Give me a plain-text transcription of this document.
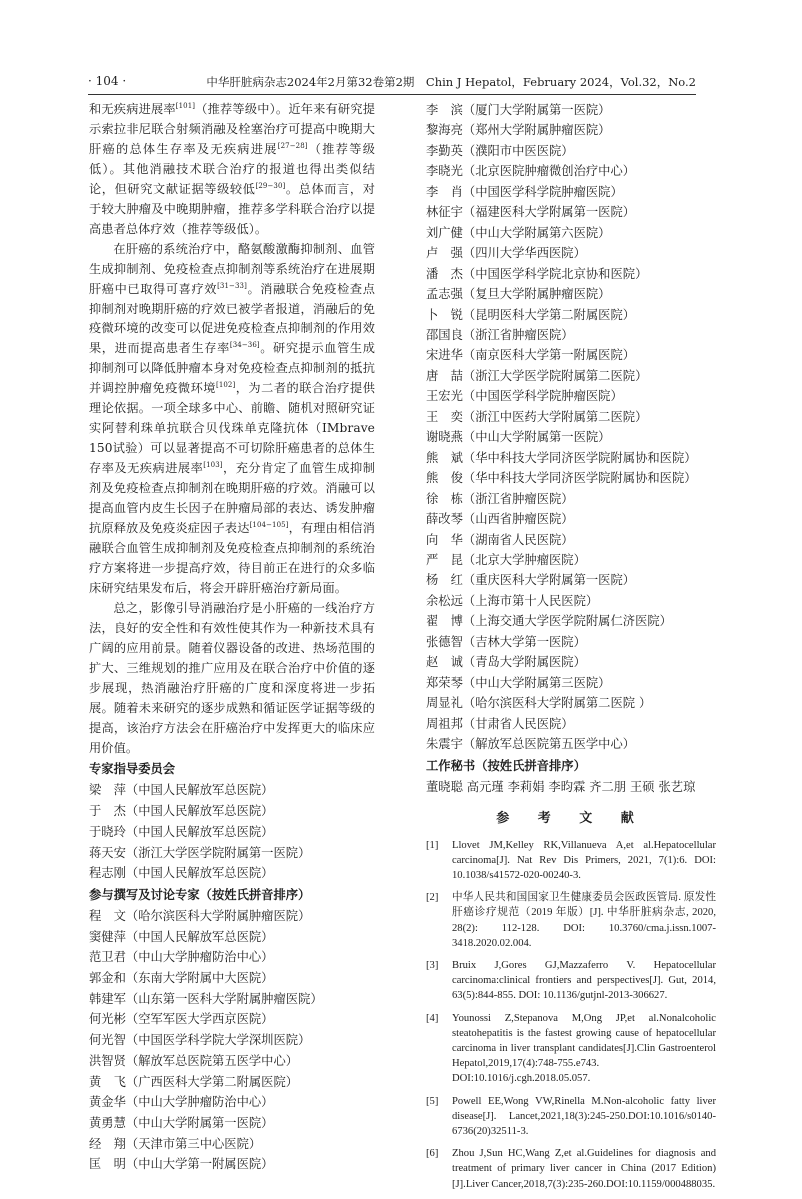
· 104 ·	中华肝脏病杂志2024年2月第32卷第2期　Chin J Hepatol，February 2024，Vol.32，No.2

和无疾病进展率[101]（推荐等级中）。近年来有研究提示索拉非尼联合射频消融及栓塞治疗可提高中晚期大肝癌的总体生存率及无疾病进展[27−28]（推荐等级低）。其他消融技术联合治疗的报道也得出类似结论，但研究文献证据等级较低[29−30]。总体而言，对于较大肿瘤及中晚期肿瘤，推荐多学科联合治疗以提高患者总体疗效（推荐等级低）。

在肝癌的系统治疗中，酪氨酸激酶抑制剂、血管生成抑制剂、免疫检查点抑制剂等系统治疗在进展期肝癌中已取得可喜疗效[31−33]。消融联合免疫检查点抑制剂对晚期肝癌的疗效已被学者报道，消融后的免疫微环境的改变可以促进免疫检查点抑制剂的作用效果，进而提高患者生存率[34−36]。研究提示血管生成抑制剂可以降低肿瘤本身对免疫检查点抑制剂的抵抗并调控肿瘤免疫微环境[102]，为二者的联合治疗提供理论依据。一项全球多中心、前瞻、随机对照研究证实阿替利珠单抗联合贝伐珠单克隆抗体（IMbrave 150试验）可以显著提高不可切除肝癌患者的总体生存率及无疾病进展率[103]，充分肯定了血管生成抑制剂及免疫检查点抑制剂在晚期肝癌的疗效。消融可以提高血管内皮生长因子在肿瘤局部的表达、诱发肿瘤抗原释放及免疫炎症因子表达[104−105]，有理由相信消融联合血管生成抑制剂及免疫检查点抑制剂的系统治疗方案将进一步提高疗效，待目前正在进行的众多临床研究结果发布后，将会开辟肝癌治疗新局面。

总之，影像引导消融治疗是小肝癌的一线治疗方法，良好的安全性和有效性使其作为一种新技术具有广阔的应用前景。随着仪器设备的改进、热场范围的扩大、三维规划的推广应用及在联合治疗中价值的逐步展现，热消融治疗肝癌的广度和深度将进一步拓展。随着未来研究的逐步成熟和循证医学证据等级的提高，该治疗方法会在肝癌治疗中发挥更大的临床应用价值。

专家指导委员会
梁　萍（中国人民解放军总医院）
于　杰（中国人民解放军总医院）
于晓玲（中国人民解放军总医院）
蒋天安（浙江大学医学院附属第一医院）
程志刚（中国人民解放军总医院）
参与撰写及讨论专家（按姓氏拼音排序）
程　文（哈尔滨医科大学附属肿瘤医院）
窦健萍（中国人民解放军总医院）
范卫君（中山大学肿瘤防治中心）
郭金和（东南大学附属中大医院）
韩建军（山东第一医科大学附属肿瘤医院）
何光彬（空军军医大学西京医院）
何光智（中国医学科学院大学深圳医院）
洪智贤（解放军总医院第五医学中心）
黄　飞（广西医科大学第二附属医院）
黄金华（中山大学肿瘤防治中心）
黄勇慧（中山大学附属第一医院）
经　翔（天津市第三中心医院）
匡　明（中山大学第一附属医院）
李　滨（厦门大学附属第一医院）
黎海亮（郑州大学附属肿瘤医院）
李勤英（濮阳市中医医院）
李晓光（北京医院肿瘤微创治疗中心）
李　肖（中国医学科学院肿瘤医院）
林征宇（福建医科大学附属第一医院）
刘广健（中山大学附属第六医院）
卢　强（四川大学华西医院）
潘　杰（中国医学科学院北京协和医院）
孟志强（复旦大学附属肿瘤医院）
卜　锐（昆明医科大学第二附属医院）
邵国良（浙江省肿瘤医院）
宋进华（南京医科大学第一附属医院）
唐　喆（浙江大学医学院附属第二医院）
王宏光（中国医学科学院肿瘤医院）
王　奕（浙江中医药大学附属第二医院）
谢晓燕（中山大学附属第一医院）
熊　斌（华中科技大学同济医学院附属协和医院）
熊　俊（华中科技大学同济医学院附属协和医院）
徐　栋（浙江省肿瘤医院）
薛改琴（山西省肿瘤医院）
向　华（湖南省人民医院）
严　昆（北京大学肿瘤医院）
杨　红（重庆医科大学附属第一医院）
余松远（上海市第十人民医院）
翟　博（上海交通大学医学院附属仁济医院）
张德智（吉林大学第一医院）
赵　诚（青岛大学附属医院）
郑荣琴（中山大学附属第三医院）
周显礼（哈尔滨医科大学附属第二医院 ）
周祖邦（甘肃省人民医院）
朱震宇（解放军总医院第五医学中心）
工作秘书（按姓氏拼音排序）
董晓聪 高元瑾 李莉娟 李昀霖 齐二朋 王硕 张艺琼
参 考 文 献
[1] Llovet JM,Kelley RK,Villanueva A,et al.Hepatocellular carcinoma[J]. Nat Rev Dis Primers, 2021, 7(1):6. DOI: 10.1038/s41572-020-00240-3.
[2] 中华人民共和国国家卫生健康委员会医政医管局. 原发性肝癌诊疗规范（2019 年版）[J]. 中华肝脏病杂志, 2020, 28(2): 112-128. DOI: 10.3760/cma.j.issn.1007-3418.2020.02.004.
[3] Bruix J,Gores GJ,Mazzaferro V. Hepatocellular carcinoma:clinical frontiers and perspectives[J]. Gut, 2014, 63(5):844-855. DOI: 10.1136/gutjnl-2013-306627.
[4] Younossi Z,Stepanova M,Ong JP,et al.Nonalcoholic steatohepatitis is the fastest growing cause of hepatocellular carcinoma in liver transplant candidates[J].Clin Gastroenterol Hepatol,2019,17(4):748-755.e743. DOI:10.1016/j.cgh.2018.05.057.
[5] Powell EE,Wong VW,Rinella M.Non-alcoholic fatty liver disease[J]. Lancet,2021,18(3):245-250.DOI:10.1016/s0140-6736(20)32511-3.
[6] Zhou J,Sun HC,Wang Z,et al.Guidelines for diagnosis and treatment of primary liver cancer in China (2017 Edition)[J].Liver Cancer,2018,7(3):235-260.DOI:10.1159/000488035.
